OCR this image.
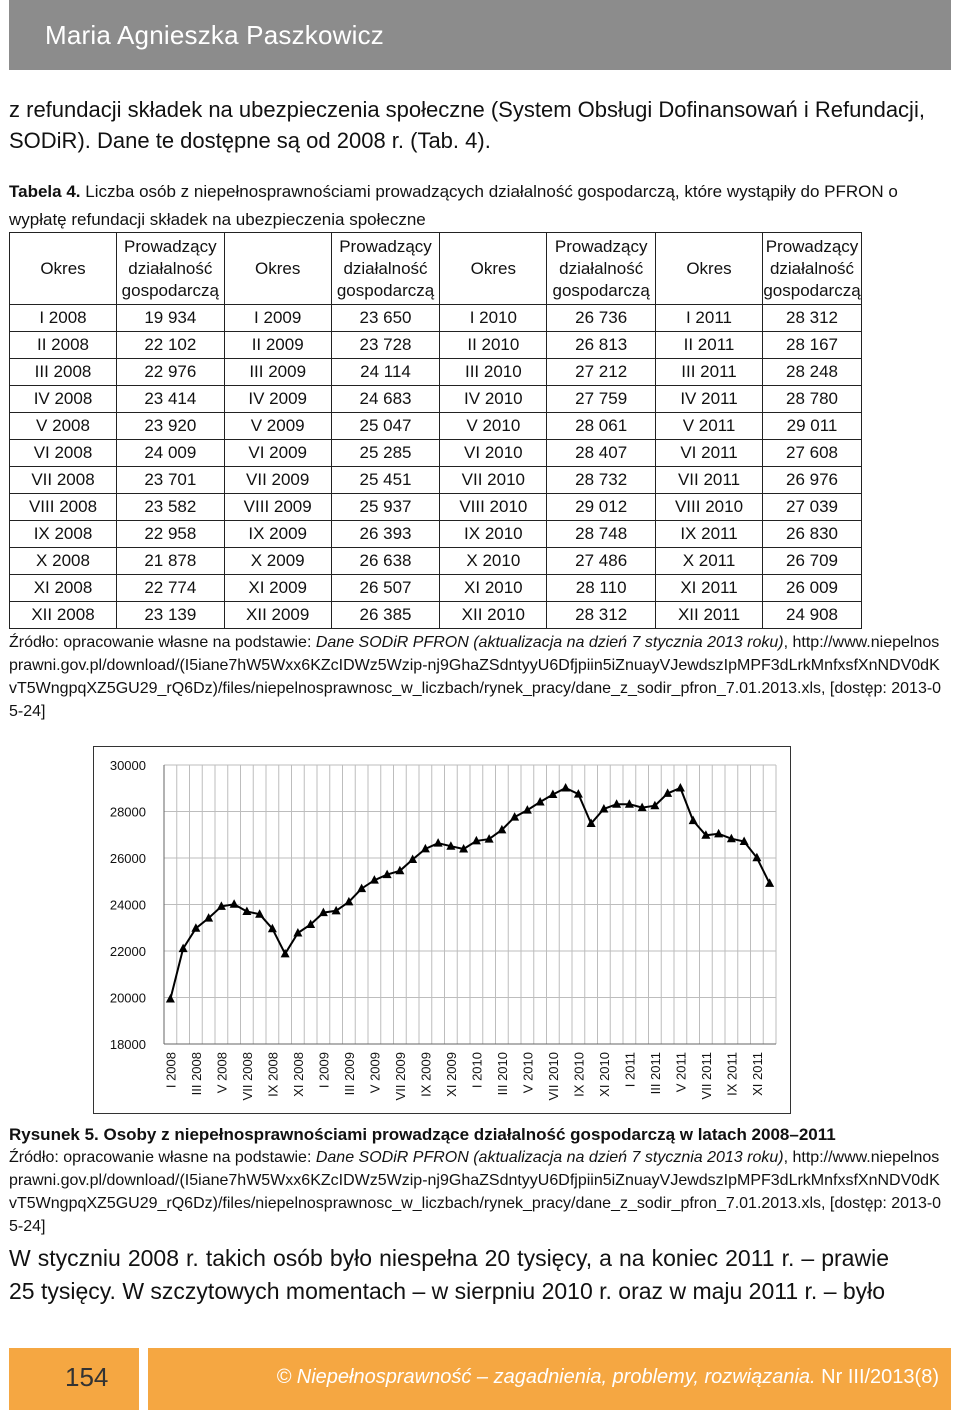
Maria Agnieszka Paszkowicz

z refundacji składek na ubezpieczenia społeczne (System Obsługi Dofinansowań i Refundacji, SODiR). Dane te dostępne są od 2008 r. (Tab. 4).

Tabela 4. Liczba osób z niepełnosprawnościami prowadzących działalność gospodarczą, które wystąpiły do PFRON o wypłatę refundacji składek na ubezpieczenia społeczne

Okres	Prowadzący działalność gospodarczą	Okres	Prowadzący działalność gospodarczą	Okres	Prowadzący działalność gospodarczą	Okres	Prowadzący działalność gospodarczą
I 2008	19 934	I 2009	23 650	I 2010	26 736	I 2011	28 312
II 2008	22 102	II 2009	23 728	II 2010	26 813	II 2011	28 167
III 2008	22 976	III 2009	24 114	III 2010	27 212	III 2011	28 248
IV 2008	23 414	IV 2009	24 683	IV 2010	27 759	IV 2011	28 780
V 2008	23 920	V 2009	25 047	V 2010	28 061	V 2011	29 011
VI 2008	24 009	VI 2009	25 285	VI 2010	28 407	VI 2011	27 608
VII 2008	23 701	VII 2009	25 451	VII 2010	28 732	VII 2011	26 976
VIII 2008	23 582	VIII 2009	25 937	VIII 2010	29 012	VIII 2010	27 039
IX 2008	22 958	IX 2009	26 393	IX 2010	28 748	IX 2011	26 830
X 2008	21 878	X 2009	26 638	X 2010	27 486	X 2011	26 709
XI 2008	22 774	XI 2009	26 507	XI 2010	28 110	XI 2011	26 009
XII 2008	23 139	XII 2009	26 385	XII 2010	28 312	XII 2011	24 908

Źródło: opracowanie własne na podstawie: Dane SODiR PFRON (aktualizacja na dzień 7 stycznia 2013 roku), http://www.niepelnosprawni.gov.pl/download/(I5iane7hW5Wxx6KZcIDWz5Wzip-nj9GhaZSdntyyU6Dfjpiin5iZnuayVJewdszIpMPF3dLrkMnfxsfXnNDV0dKvT5WngpqXZ5GU29_rQ6Dz)/files/niepelnosprawnosc_w_liczbach/rynek_pracy/dane_z_sodir_pfron_7.01.2013.xls, [dostęp: 2013-05-24]

18000
20000
22000
24000
26000
28000
30000
I 2008 III 2008 V 2008 VII 2008 IX 2008 XI 2008 I 2009 III 2009 V 2009 VII 2009 IX 2009 XI 2009 I 2010 III 2010 V 2010 VII 2010 IX 2010 XI 2010 I 2011 III 2011 V 2011 VII 2011 IX 2011 XI 2011

Rysunek 5. Osoby z niepełnosprawnościami prowadzące działalność gospodarczą w latach 2008–2011

Źródło: opracowanie własne na podstawie: Dane SODiR PFRON (aktualizacja na dzień 7 stycznia 2013 roku), http://www.niepelnosprawni.gov.pl/download/(I5iane7hW5Wxx6KZcIDWz5Wzip-nj9GhaZSdntyyU6Dfjpiin5iZnuayVJewdszIpMPF3dLrkMnfxsfXnNDV0dKvT5WngpqXZ5GU29_rQ6Dz)/files/niepelnosprawnosc_w_liczbach/rynek_pracy/dane_z_sodir_pfron_7.01.2013.xls, [dostęp: 2013-05-24]

W styczniu 2008 r. takich osób było niespełna 20 tysięcy, a na koniec 2011 r. – prawie 25 tysięcy. W szczytowych momentach – w sierpniu 2010 r. oraz w maju 2011 r. – było

154	© Niepełnosprawność – zagadnienia, problemy, rozwiązania. Nr III/2013(8)
